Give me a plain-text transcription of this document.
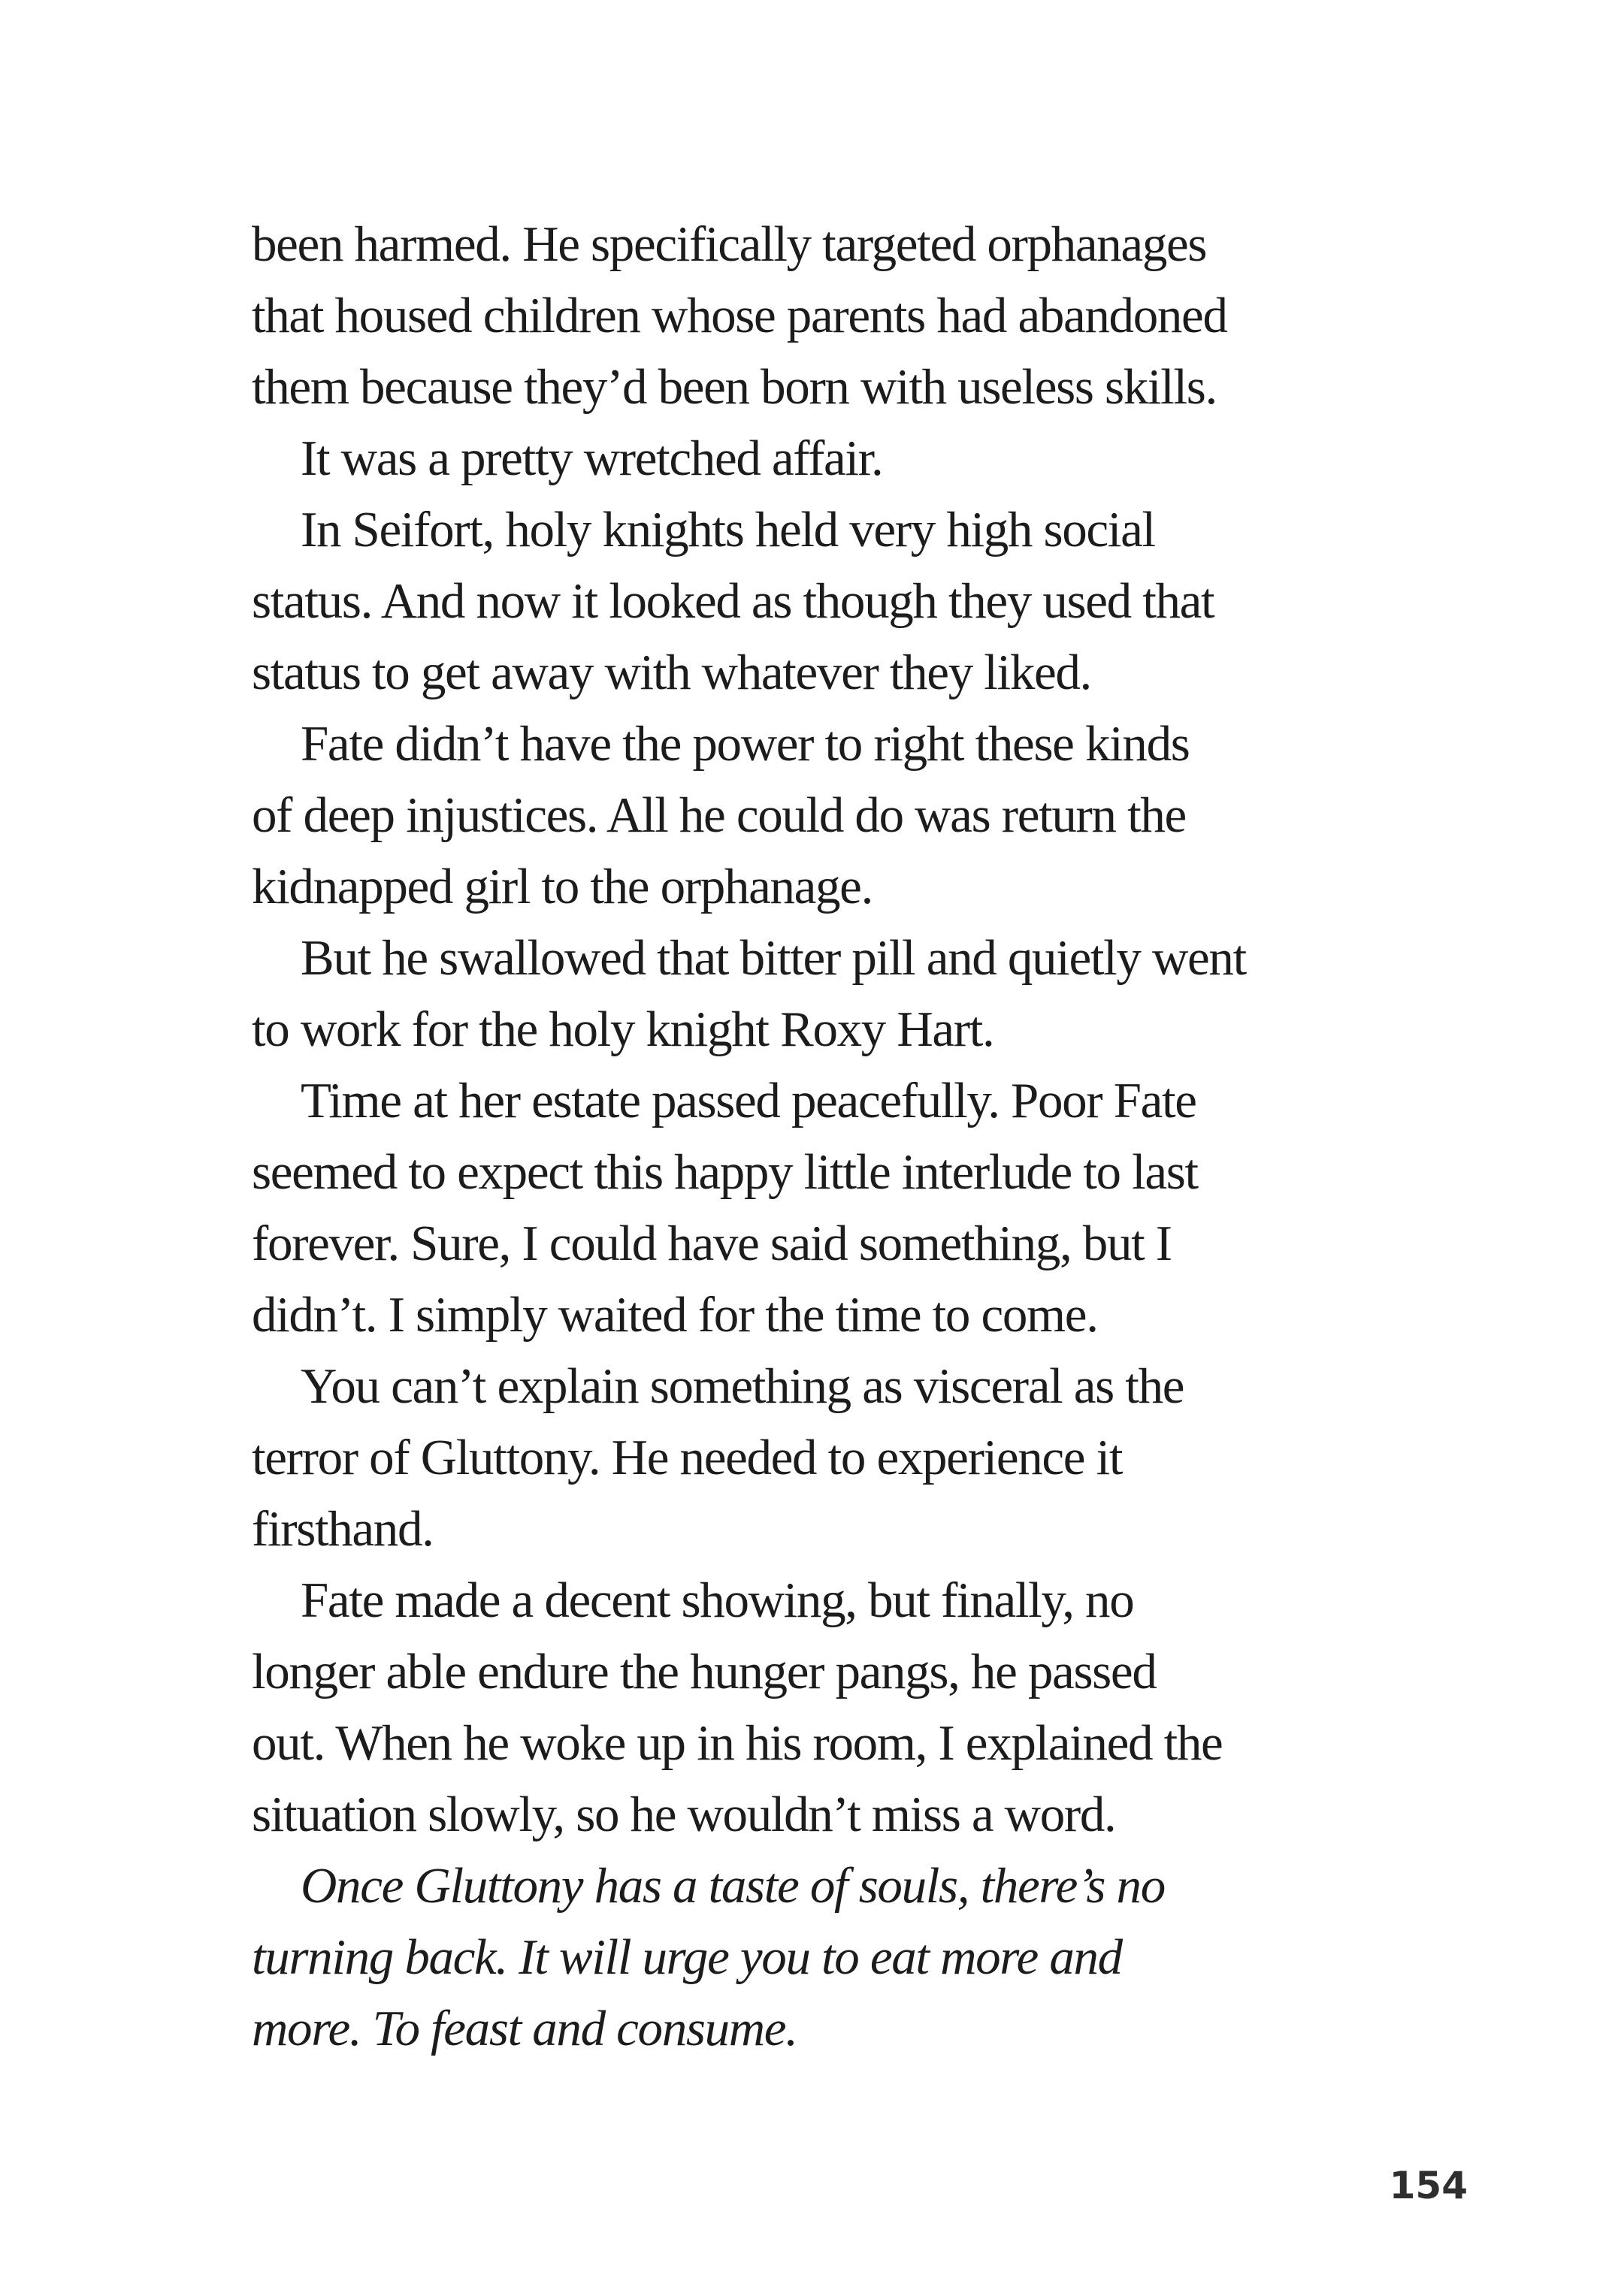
been harmed. He specifically targeted orphanages
that housed children whose parents had abandoned
them because they’d been born with useless skills.
It was a pretty wretched affair.
In Seifort, holy knights held very high social
status. And now it looked as though they used that
status to get away with whatever they liked.
Fate didn’t have the power to right these kinds
of deep injustices. All he could do was return the
kidnapped girl to the orphanage.
But he swallowed that bitter pill and quietly went
to work for the holy knight Roxy Hart.
Time at her estate passed peacefully. Poor Fate
seemed to expect this happy little interlude to last
forever. Sure, I could have said something, but I
didn’t. I simply waited for the time to come.
You can’t explain something as visceral as the
terror of Gluttony. He needed to experience it
firsthand.
Fate made a decent showing, but finally, no
longer able endure the hunger pangs, he passed
out. When he woke up in his room, I explained the
situation slowly, so he wouldn’t miss a word.
Once Gluttony has a taste of souls, there’s no
turning back. It will urge you to eat more and
more. To feast and consume.
154
